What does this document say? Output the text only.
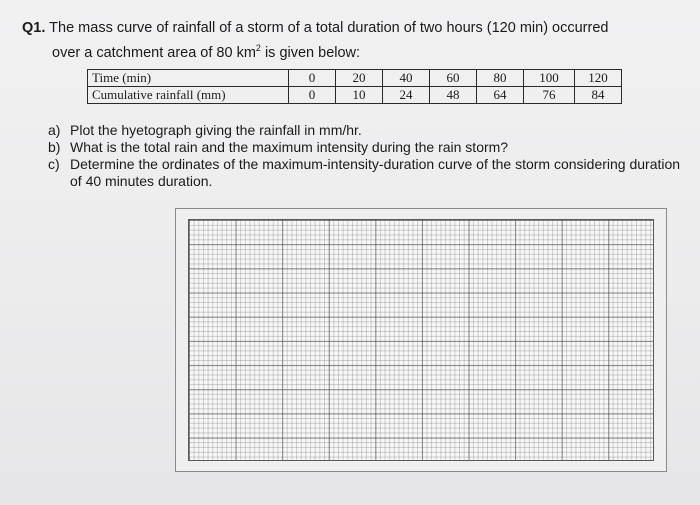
Q1. The mass curve of rainfall of a storm of a total duration of two hours (120 min) occurred
over a catchment area of 80 $km^2$ is given below:
Time (min)	0	20	40	60	80	100	120
Cumulative rainfall (mm)	0	10	24	48	64	76	84
a) Plot the hyetograph giving the rainfall in mm/hr.
b) What is the total rain and the maximum intensity during the rain storm?
c) Determine the ordinates of the maximum-intensity-duration curve of the storm considering duration of 40 minutes duration.
